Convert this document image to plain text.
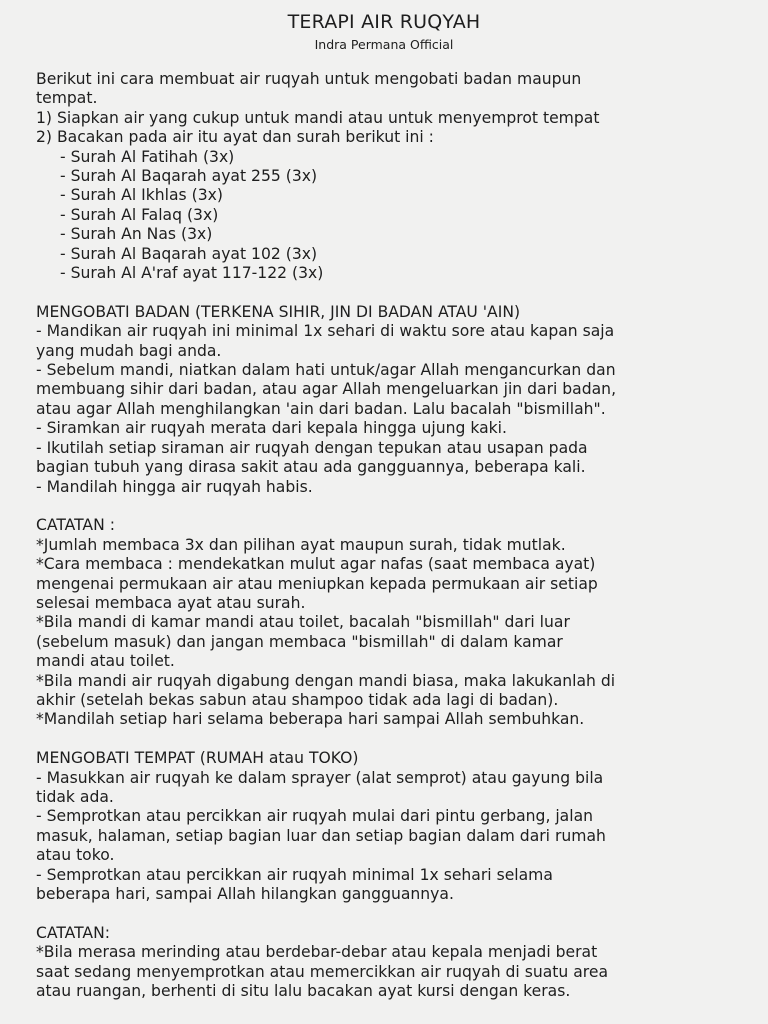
TERAPI AIR RUQYAH
Indra Permana Official
Berikut ini cara membuat air ruqyah untuk mengobati badan maupun
tempat.
1) Siapkan air yang cukup untuk mandi atau untuk menyemprot tempat
2) Bacakan pada air itu ayat dan surah berikut ini :
- Surah Al Fatihah (3x)
- Surah Al Baqarah ayat 255 (3x)
- Surah Al Ikhlas (3x)
- Surah Al Falaq (3x)
- Surah An Nas (3x)
- Surah Al Baqarah ayat 102 (3x)
- Surah Al A'raf ayat 117-122 (3x)
MENGOBATI BADAN (TERKENA SIHIR, JIN DI BADAN ATAU 'AIN)
- Mandikan air ruqyah ini minimal 1x sehari di waktu sore atau kapan saja
yang mudah bagi anda.
- Sebelum mandi, niatkan dalam hati untuk/agar Allah mengancurkan dan
membuang sihir dari badan, atau agar Allah mengeluarkan jin dari badan,
atau agar Allah menghilangkan 'ain dari badan. Lalu bacalah "bismillah".
- Siramkan air ruqyah merata dari kepala hingga ujung kaki.
- Ikutilah setiap siraman air ruqyah dengan tepukan atau usapan pada
bagian tubuh yang dirasa sakit atau ada gangguannya, beberapa kali.
- Mandilah hingga air ruqyah habis.
CATATAN :
*Jumlah membaca 3x dan pilihan ayat maupun surah, tidak mutlak.
*Cara membaca : mendekatkan mulut agar nafas (saat membaca ayat)
mengenai permukaan air atau meniupkan kepada permukaan air setiap
selesai membaca ayat atau surah.
*Bila mandi di kamar mandi atau toilet, bacalah "bismillah" dari luar
(sebelum masuk) dan jangan membaca "bismillah" di dalam kamar
mandi atau toilet.
*Bila mandi air ruqyah digabung dengan mandi biasa, maka lakukanlah di
akhir (setelah bekas sabun atau shampoo tidak ada lagi di badan).
*Mandilah setiap hari selama beberapa hari sampai Allah sembuhkan.
MENGOBATI TEMPAT (RUMAH atau TOKO)
- Masukkan air ruqyah ke dalam sprayer (alat semprot) atau gayung bila
tidak ada.
- Semprotkan atau percikkan air ruqyah mulai dari pintu gerbang, jalan
masuk, halaman, setiap bagian luar dan setiap bagian dalam dari rumah
atau toko.
- Semprotkan atau percikkan air ruqyah minimal 1x sehari selama
beberapa hari, sampai Allah hilangkan gangguannya.
CATATAN:
*Bila merasa merinding atau berdebar-debar atau kepala menjadi berat
saat sedang menyemprotkan atau memercikkan air ruqyah di suatu area
atau ruangan, berhenti di situ lalu bacakan ayat kursi dengan keras.
